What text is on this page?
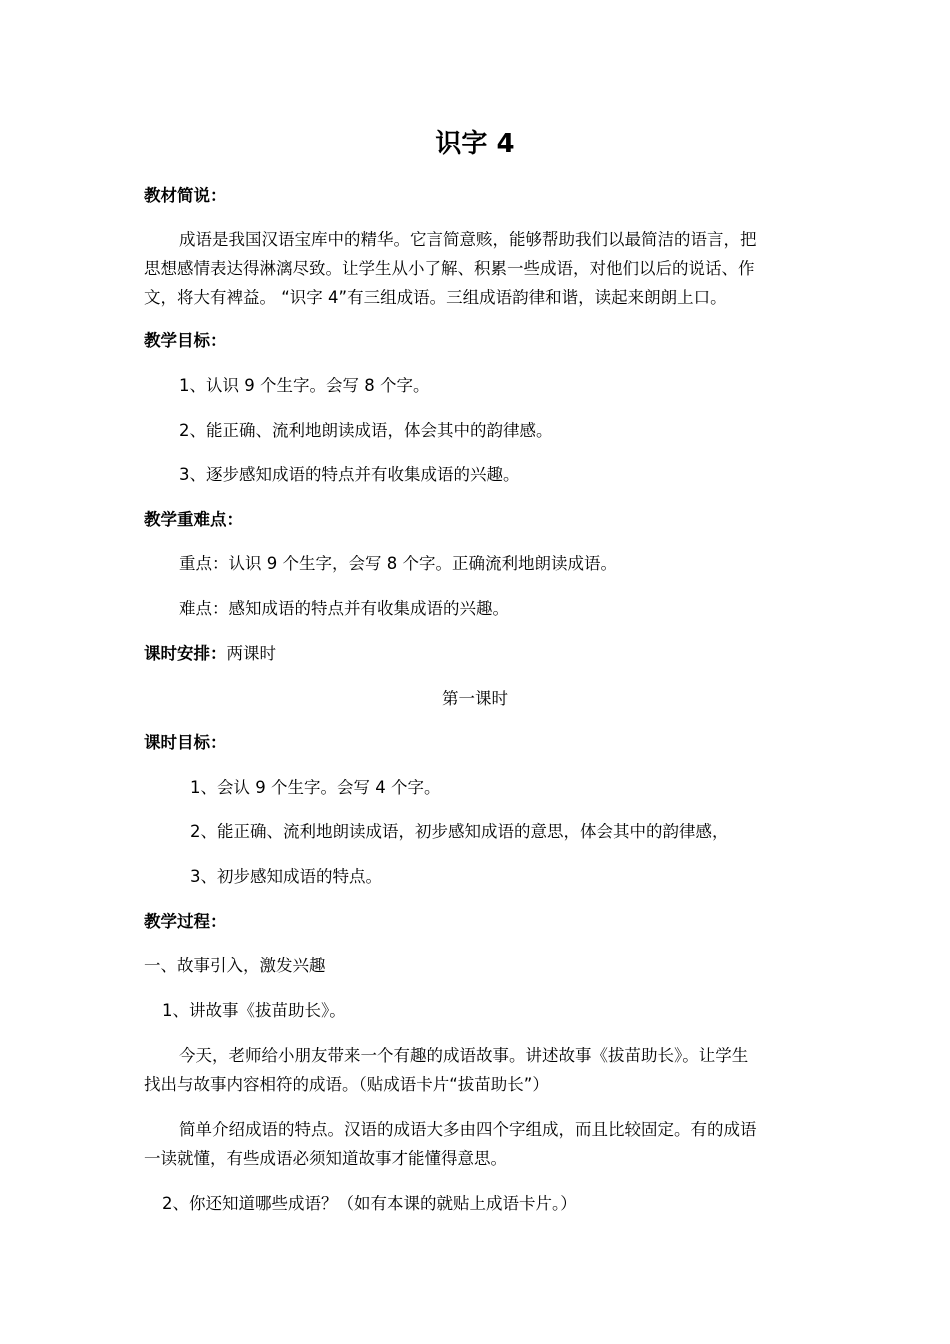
识字 4
教材简说：
成语是我国汉语宝库中的精华。它言简意赅，能够帮助我们以最简洁的语言，把
思想感情表达得淋漓尽致。让学生从小了解、积累一些成语，对他们以后的说话、作
文，将大有裨益。 “识字 4”有三组成语。三组成语韵律和谐，读起来朗朗上口。
教学目标：
1、认识 9 个生字。会写 8 个字。
2、能正确、流利地朗读成语，体会其中的韵律感。
3、逐步感知成语的特点并有收集成语的兴趣。
教学重难点：
重点：认识 9 个生字，会写 8 个字。正确流利地朗读成语。
难点：感知成语的特点并有收集成语的兴趣。
课时安排：两课时
第一课时
课时目标：
1、会认 9 个生字。会写 4 个字。
2、能正确、流利地朗读成语，初步感知成语的意思，体会其中的韵律感，
3、初步感知成语的特点。
教学过程：
一、故事引入，激发兴趣
1、讲故事《拔苗助长》。
今天，老师给小朋友带来一个有趣的成语故事。讲述故事《拔苗助长》。让学生
找出与故事内容相符的成语。（贴成语卡片“拔苗助长”）
简单介绍成语的特点。汉语的成语大多由四个字组成，而且比较固定。有的成语
一读就懂，有些成语必须知道故事才能懂得意思。
2、你还知道哪些成语？（如有本课的就贴上成语卡片。）
